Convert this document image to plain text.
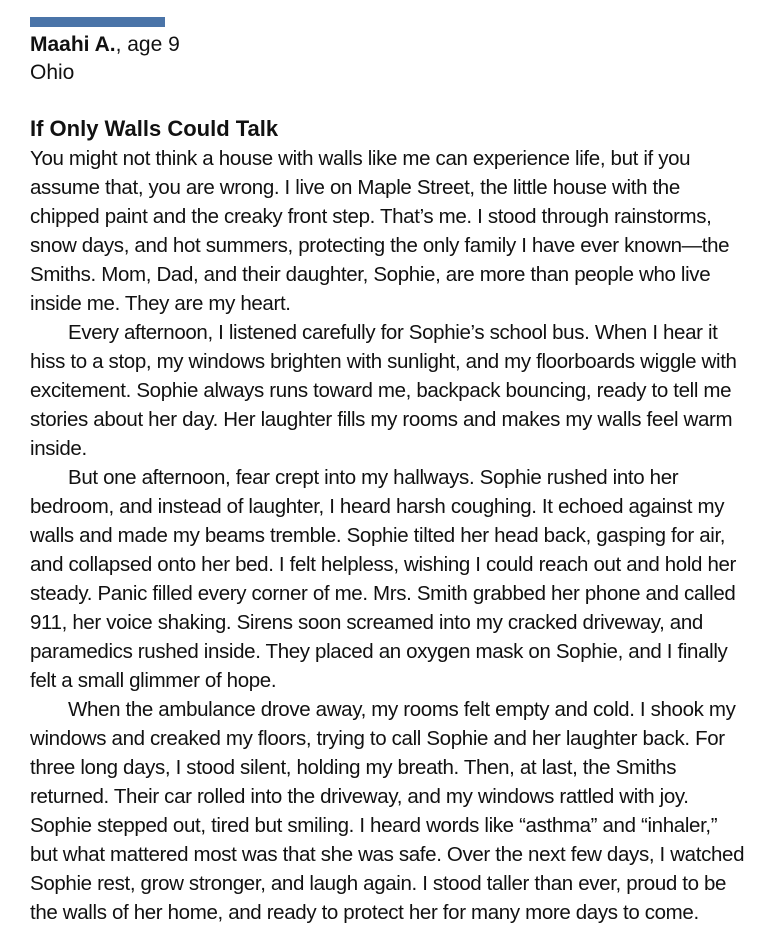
Maahi A., age 9
Ohio
If Only Walls Could Talk

You might not think a house with walls like me can experience life, but if you assume that, you are wrong. I live on Maple Street, the little house with the chipped paint and the creaky front step. That’s me. I stood through rainstorms, snow days, and hot summers, protecting the only family I have ever known—the Smiths. Mom, Dad, and their daughter, Sophie, are more than people who live inside me. They are my heart.

Every afternoon, I listened carefully for Sophie’s school bus. When I hear it hiss to a stop, my windows brighten with sunlight, and my floorboards wiggle with excitement. Sophie always runs toward me, backpack bouncing, ready to tell me stories about her day. Her laughter fills my rooms and makes my walls feel warm inside.

But one afternoon, fear crept into my hallways. Sophie rushed into her bedroom, and instead of laughter, I heard harsh coughing. It echoed against my walls and made my beams tremble. Sophie tilted her head back, gasping for air, and collapsed onto her bed. I felt helpless, wishing I could reach out and hold her steady. Panic filled every corner of me. Mrs. Smith grabbed her phone and called 911, her voice shaking. Sirens soon screamed into my cracked driveway, and paramedics rushed inside. They placed an oxygen mask on Sophie, and I finally felt a small glimmer of hope.

When the ambulance drove away, my rooms felt empty and cold. I shook my windows and creaked my floors, trying to call Sophie and her laughter back. For three long days, I stood silent, holding my breath. Then, at last, the Smiths returned. Their car rolled into the driveway, and my windows rattled with joy. Sophie stepped out, tired but smiling. I heard words like “asthma” and “inhaler,” but what mattered most was that she was safe. Over the next few days, I watched Sophie rest, grow stronger, and laugh again. I stood taller than ever, proud to be the walls of her home, and ready to protect her for many more days to come.
